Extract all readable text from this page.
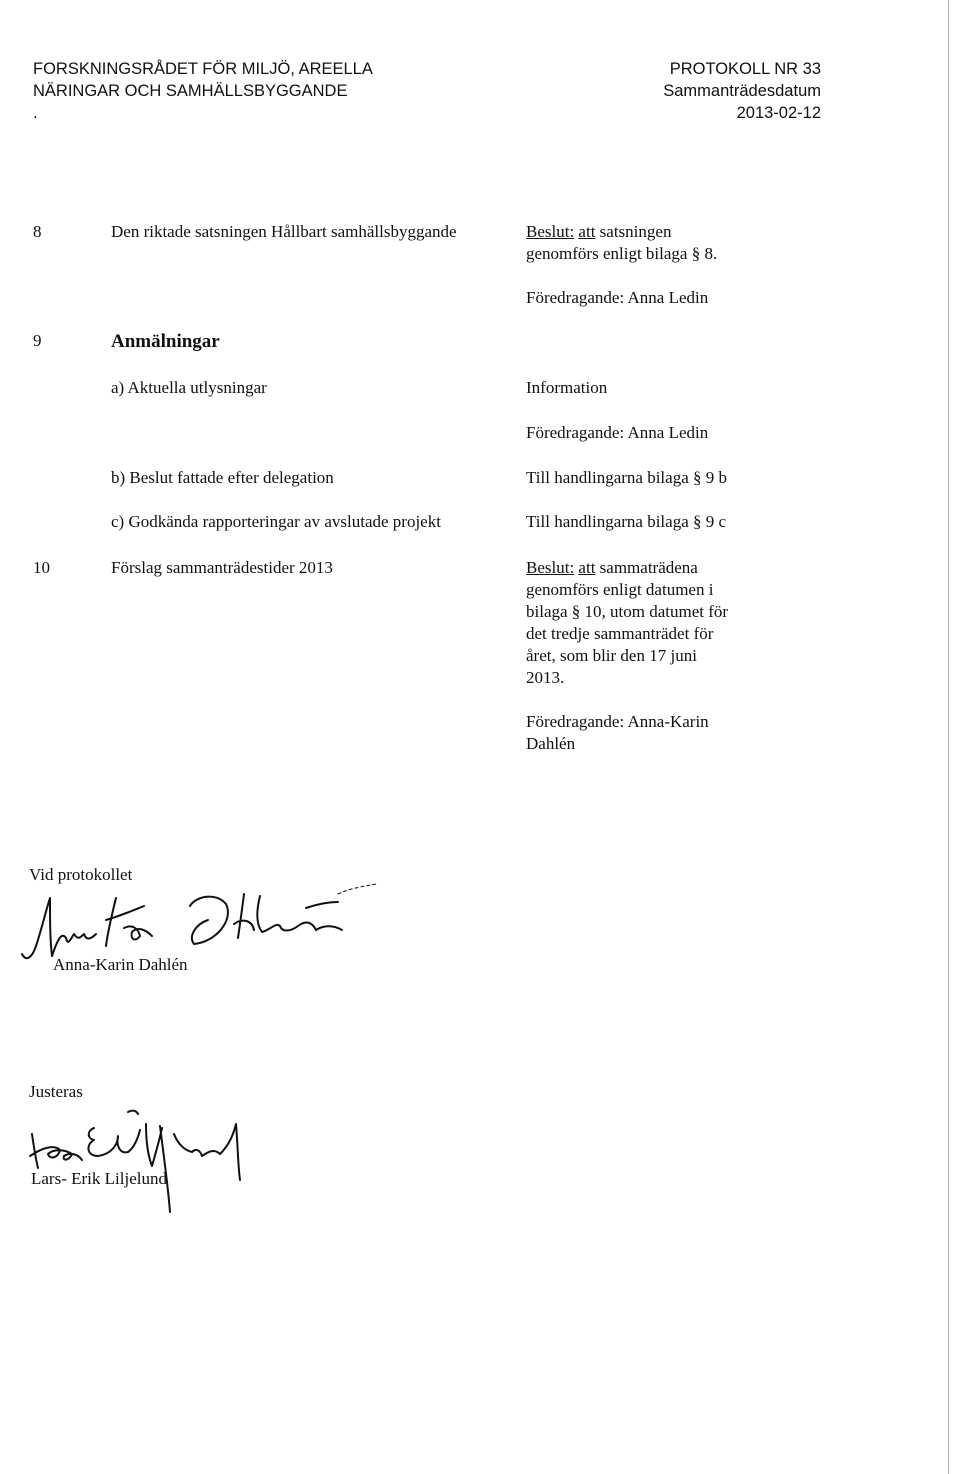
FORSKNINGSRÅDET FÖR MILJÖ, AREELLA
NÄRINGAR OCH SAMHÄLLSBYGGANDE
.
PROTOKOLL NR 33
Sammanträdesdatum
2013-02-12
8	Den riktade satsningen Hållbart samhällsbyggande	Beslut: att satsningen
genomförs enligt bilaga § 8.
Föredragande: Anna Ledin
9	Anmälningar
a) Aktuella utlysningar	Information
Föredragande: Anna Ledin
b) Beslut fattade efter delegation	Till handlingarna bilaga § 9 b
c) Godkända rapporteringar av avslutade projekt	Till handlingarna bilaga § 9 c
10	Förslag sammanträdestider 2013	Beslut: att sammaträdena
genomförs enligt datumen i
bilaga § 10, utom datumet för
det tredje sammanträdet för
året, som blir den 17 juni
2013.
Föredragande: Anna-Karin
Dahlén
Vid protokollet
Anna-Karin Dahlén
Justeras
Lars- Erik Liljelund
